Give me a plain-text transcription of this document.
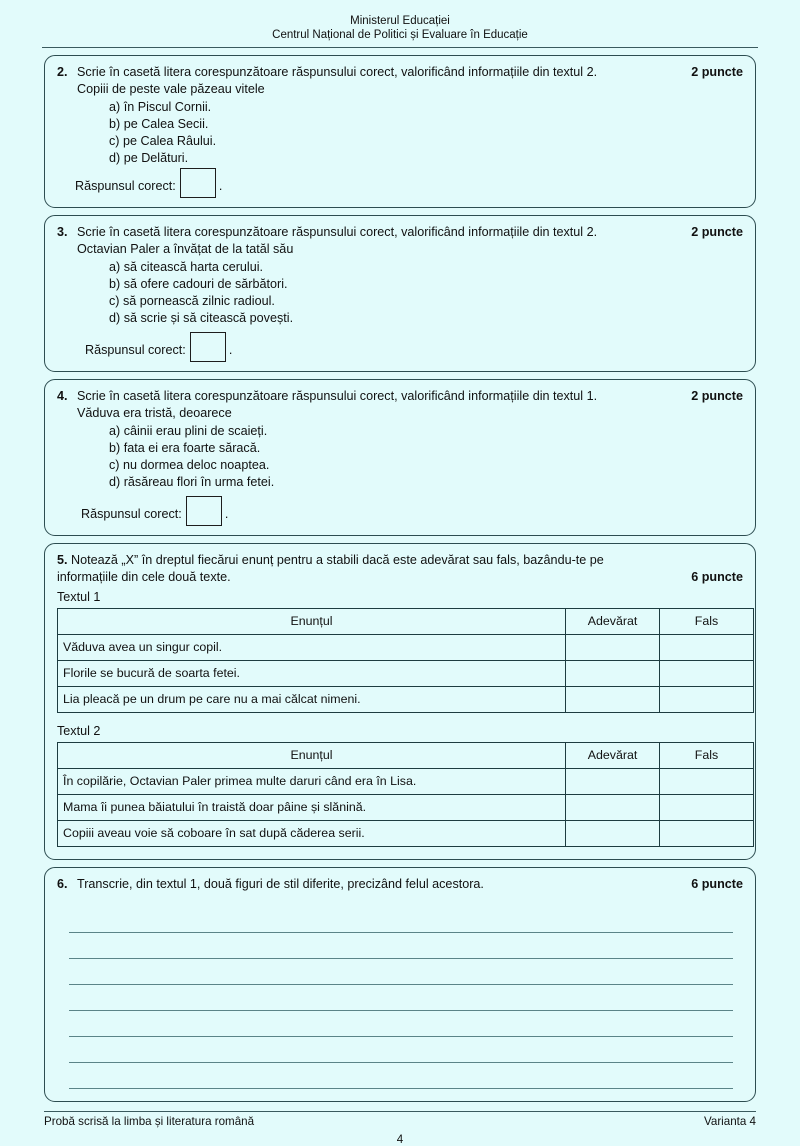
Ministerul Educației
Centrul Național de Politici și Evaluare în Educație
2. Scrie în casetă litera corespunzătoare răspunsului corect, valorificând informațiile din textul 2.	2 puncte
Copiii de peste vale păzeau vitele
a) în Piscul Cornii.
b) pe Calea Secii.
c) pe Calea Râului.
d) pe Delături.
Răspunsul corect:	.
3. Scrie în casetă litera corespunzătoare răspunsului corect, valorificând informațiile din textul 2.	2 puncte
Octavian Paler a învățat de la tatăl său
a) să citească harta cerului.
b) să ofere cadouri de sărbători.
c) să pornească zilnic radioul.
d) să scrie și să citească povești.
Răspunsul corect:	.
4. Scrie în casetă litera corespunzătoare răspunsului corect, valorificând informațiile din textul 1.	2 puncte
Văduva era tristă, deoarece
a) câinii erau plini de scaieți.
b) fata ei era foarte săracă.
c) nu dormea deloc noaptea.
d) răsăreau flori în urma fetei.
Răspunsul corect:	.
5. Notează „X” în dreptul fiecărui enunț pentru a stabili dacă este adevărat sau fals, bazându-te pe
informațiile din cele două texte.	6 puncte
Textul 1
Enunțul	Adevărat	Fals
Văduva avea un singur copil.		
Florile se bucură de soarta fetei.		
Lia pleacă pe un drum pe care nu a mai călcat nimeni.		
Textul 2
Enunțul	Adevărat	Fals
În copilărie, Octavian Paler primea multe daruri când era în Lisa.		
Mama îi punea băiatului în traistă doar pâine și slănină.		
Copiii aveau voie să coboare în sat după căderea serii.		
6. Transcrie, din textul 1, două figuri de stil diferite, precizând felul acestora.	6 puncte
Probă scrisă la limba și literatura română	Varianta 4
4
